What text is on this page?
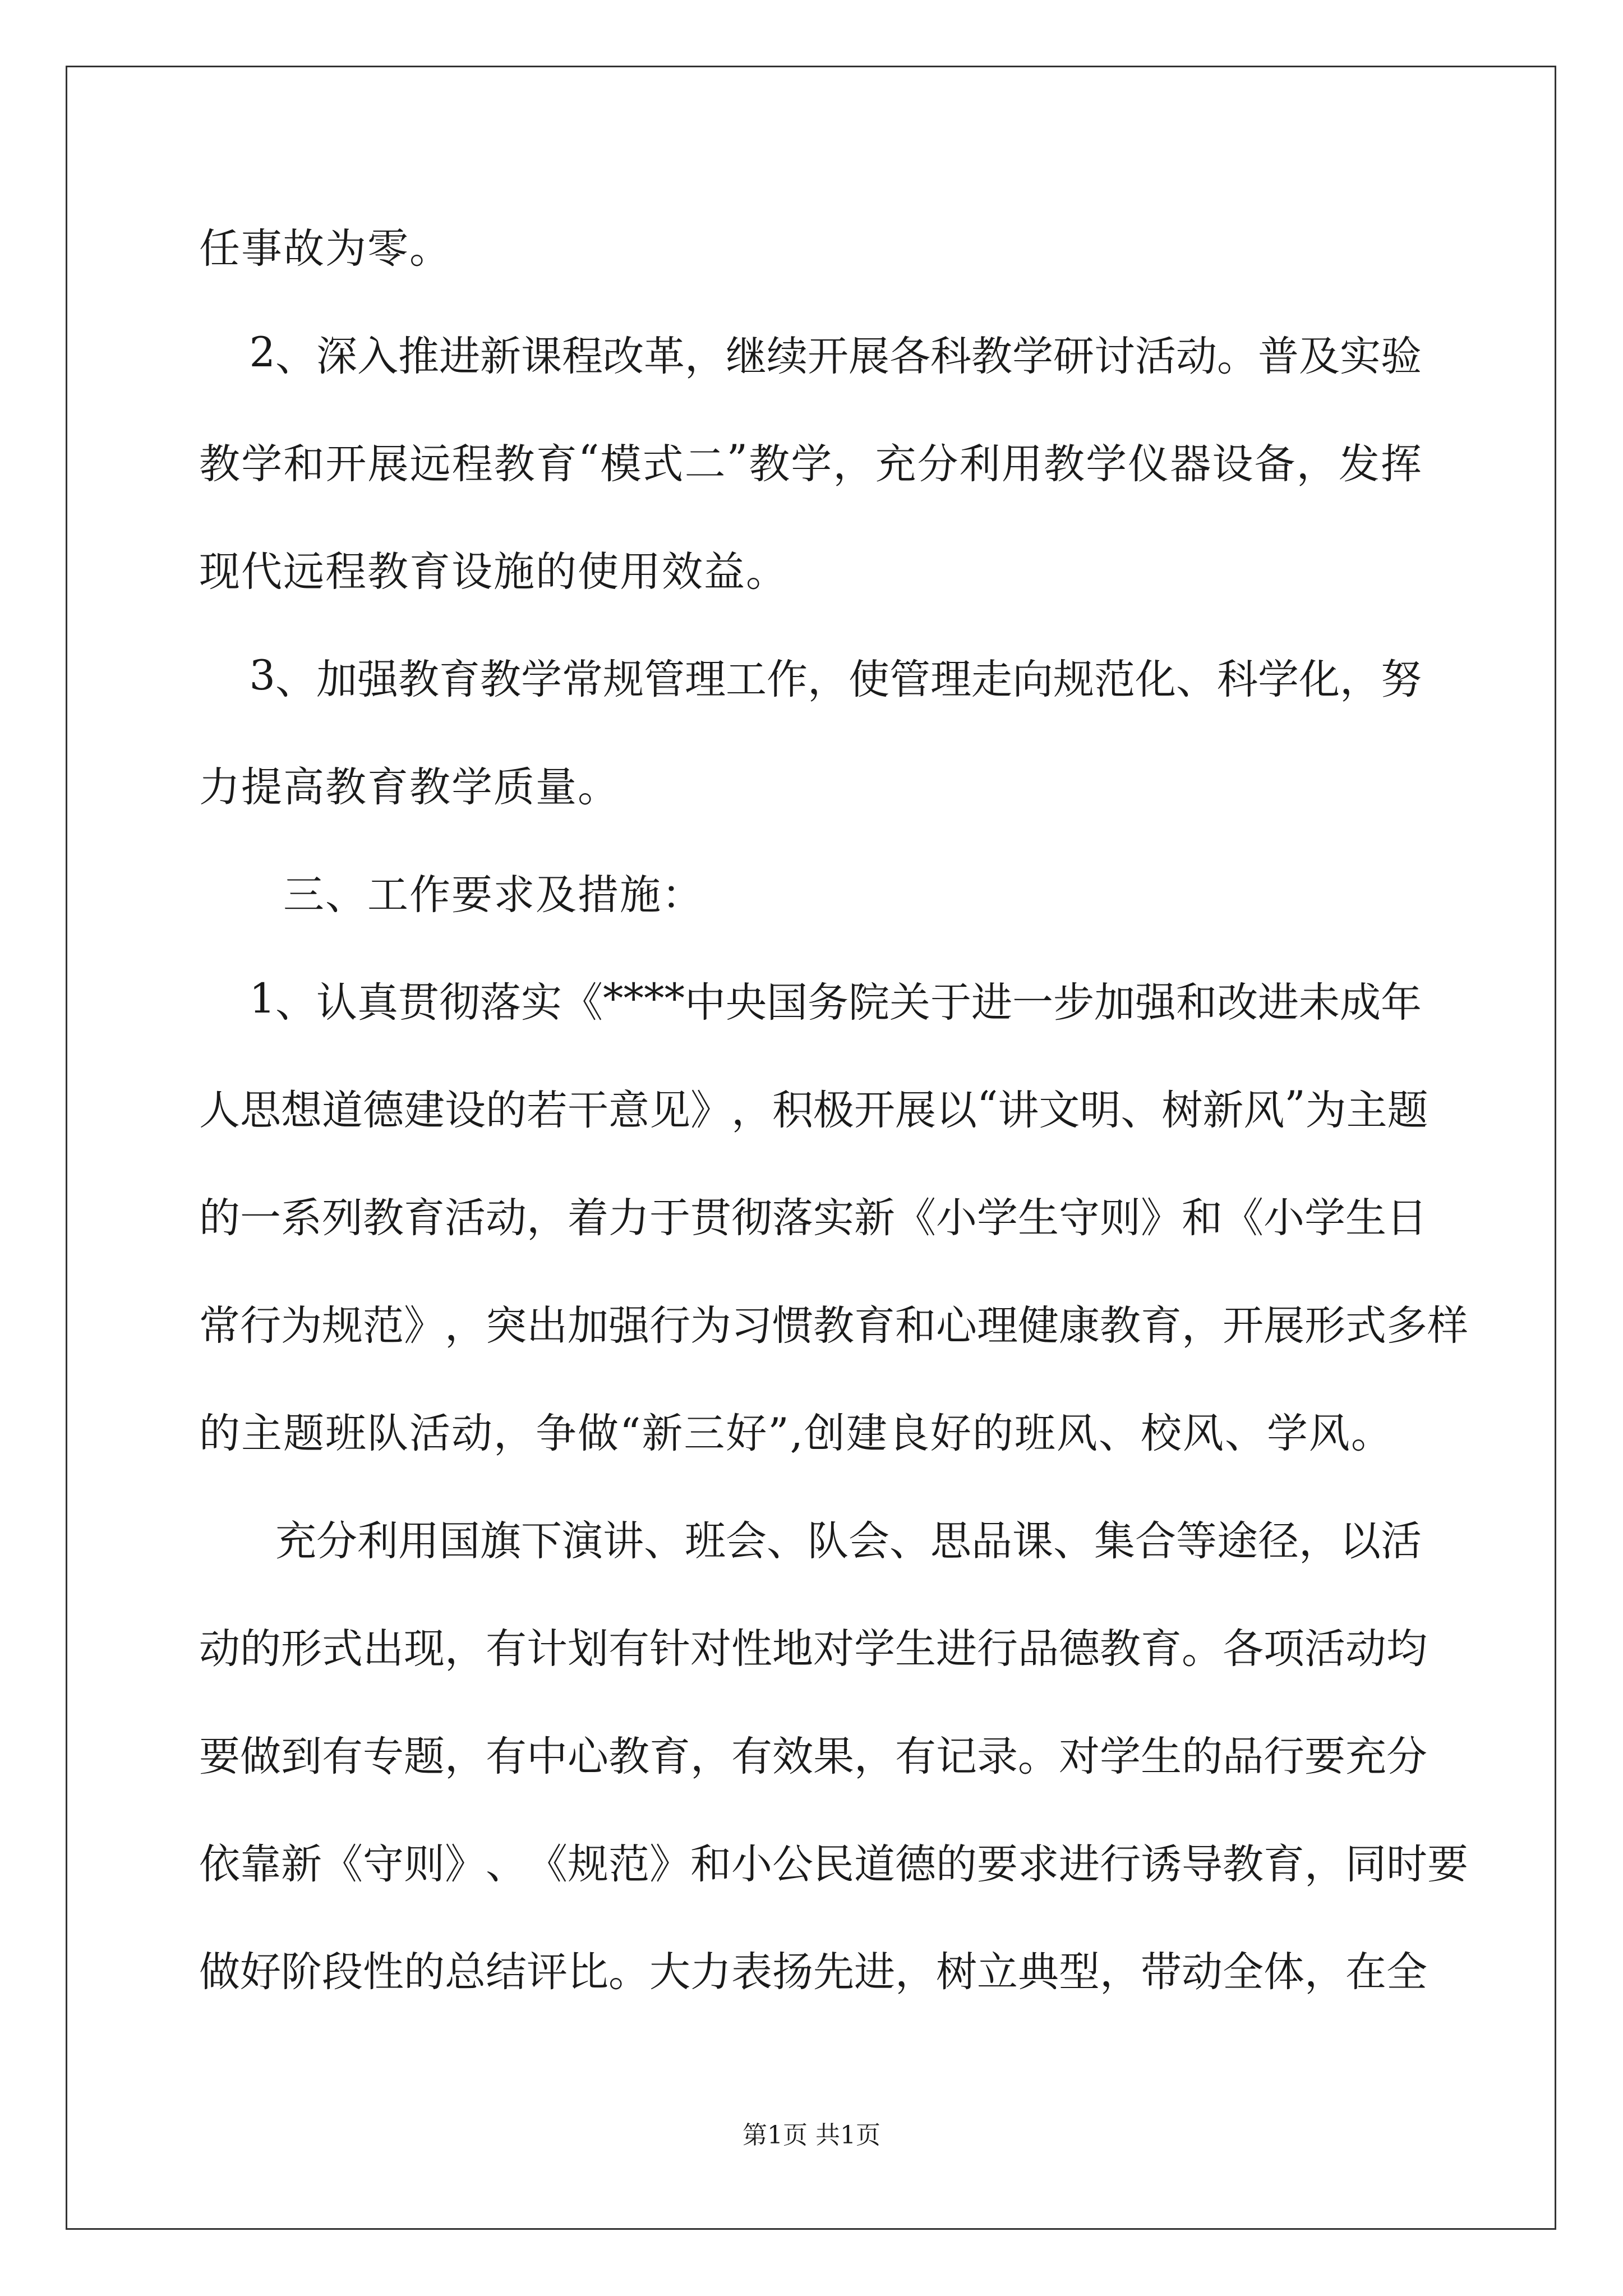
任事故为零。
2 、 深 入 推 进 新 课 程 改 革 ， 继 续 开 展 各 科 教 学 研 讨 活 动 。 普 及 实 验
教 学 和 开 展 远 程 教 育 “ 模 式 二 ” 教 学 ， 充 分 利 用 教 学 仪 器 设 备 ， 发 挥
现代远程教育设施的使用效益。
3 、 加 强 教 育 教 学 常 规 管 理 工 作 ， 使 管 理 走 向 规 范 化 、 科 学 化 ， 努
力提高教育教学质量。
　　三、工作要求及措施：
1 、 认 真 贯 彻 落 实 《 * * * * 中 央 国 务 院 关 于 进 一 步 加 强 和 改 进 未 成 年
人 思 想 道 德 建 设 的 若 干 意 见 》 ， 积 极 开 展 以 “ 讲 文 明 、 树 新 风 ” 为 主 题
的 一 系 列 教 育 活 动 ， 着 力 于 贯 彻 落 实 新 《 小 学 生 守 则 》 和 《 小 学 生 日
常 行 为 规 范 》 ， 突 出 加 强 行 为 习 惯 教 育 和 心 理 健 康 教 育 ， 开 展 形 式 多 样
的主题班队活动，争做“新三好”,创建良好的班风、校风、学风。
充 分 利 用 国 旗 下 演 讲 、 班 会 、 队 会 、 思 品 课 、 集 合 等 途 径 ， 以 活
动 的 形 式 出 现 ， 有 计 划 有 针 对 性 地 对 学 生 进 行 品 德 教 育 。 各 项 活 动 均
要 做 到 有 专 题 ， 有 中 心 教 育 ， 有 效 果 ， 有 记 录 。 对 学 生 的 品 行 要 充 分
依 靠 新 《 守 则 》 、 《 规 范 》 和 小 公 民 道 德 的 要 求 进 行 诱 导 教 育 ， 同 时 要
做 好 阶 段 性 的 总 结 评 比 。 大 力 表 扬 先 进 ， 树 立 典 型 ， 带 动 全 体 ， 在 全
第1页 共1页
